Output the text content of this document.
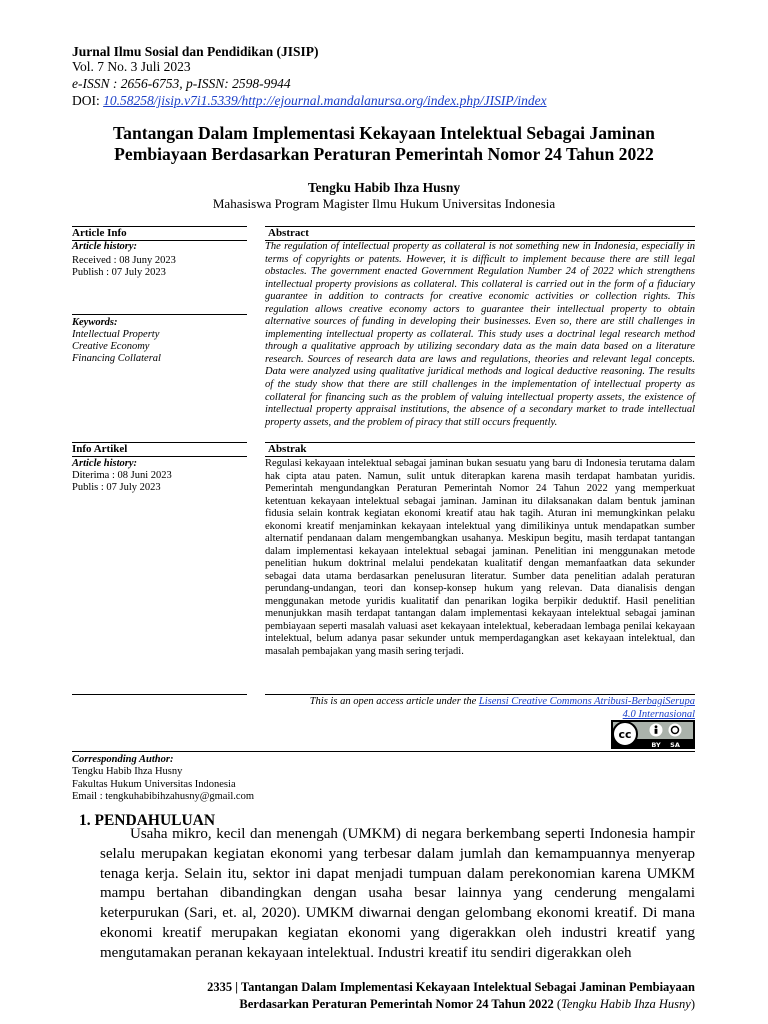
Jurnal Ilmu Sosial dan Pendidikan (JISIP)
Vol. 7 No. 3 Juli 2023
e-ISSN : 2656-6753, p-ISSN: 2598-9944
DOI: 10.58258/jisip.v7i1.5339/http://ejournal.mandalanursa.org/index.php/JISIP/index
Tantangan Dalam Implementasi Kekayaan Intelektual Sebagai Jaminan
Pembiayaan Berdasarkan Peraturan Pemerintah Nomor 24 Tahun 2022
Tengku Habib Ihza Husny
Mahasiswa Program Magister Ilmu Hukum Universitas Indonesia
Article Info	Abstract
Article history:
Received : 08 Juny 2023
Publish : 07 July 2023
Keywords:
Intellectual Property
Creative Economy
Financing Collateral
The regulation of intellectual property as collateral is not something new in Indonesia, especially in terms of copyrights or patents. However, it is difficult to implement because there are still legal obstacles. The government enacted Government Regulation Number 24 of 2022 which strengthens intellectual property provisions as collateral. This collateral is carried out in the form of a fiduciary guarantee in addition to contracts for creative economic activities or collection rights. This regulation allows creative economy actors to guarantee their intellectual property to obtain alternative sources of funding in developing their businesses. Even so, there are still challenges in implementing intellectual property as collateral. This study uses a doctrinal legal research method through a qualitative approach by utilizing secondary data as the main data based on a literature research. Sources of research data are laws and regulations, theories and relevant legal concepts. Data were analyzed using qualitative juridical methods and logical deductive reasoning. The results of the study show that there are still challenges in the implementation of intellectual property as collateral for financing such as the problem of valuing intellectual property assets, the existence of intellectual property appraisal institutions, the absence of a secondary market to trade intellectual property assets, and the problem of piracy that still occurs frequently.
Info Artikel	Abstrak
Article history:
Diterima : 08 Juni 2023
Publis : 07 July 2023
Regulasi kekayaan intelektual sebagai jaminan bukan sesuatu yang baru di Indonesia terutama dalam hak cipta atau paten. Namun, sulit untuk diterapkan karena masih terdapat hambatan yuridis. Pemerintah mengundangkan Peraturan Pemerintah Nomor 24 Tahun 2022 yang memperkuat ketentuan kekayaan intelektual sebagai jaminan. Jaminan itu dilaksanakan dalam bentuk jaminan fidusia selain kontrak kegiatan ekonomi kreatif atau hak tagih. Aturan ini memungkinkan pelaku ekonomi kreatif menjaminkan kekayaan intelektual yang dimilikinya untuk mendapatkan sumber alternatif pendanaan dalam mengembangkan usahanya. Meskipun begitu, masih terdapat tantangan dalam implementasi kekayaan intelektual sebagai jaminan. Penelitian ini menggunakan metode penelitian hukum doktrinal melalui pendekatan kualitatif dengan memanfaatkan data sekunder sebagai data utama berdasarkan penelusuran literatur. Sumber data penelitian adalah peraturan perundang-undangan, teori dan konsep-konsep hukum yang relevan. Data dianalisis dengan menggunakan metode yuridis kualitatif dan penarikan logika berpikir deduktif. Hasil penelitian menunjukkan masih terdapat tantangan dalam implementasi kekayaan intelektual sebagai jaminan pembiayaan seperti masalah valuasi aset kekayaan intelektual, keberadaan lembaga penilai kekayaan intelektual, belum adanya pasar sekunder untuk memperdagangkan aset kekayaan intelektual, dan masalah pembajakan yang masih sering terjadi.
This is an open access article under the Lisensi Creative Commons Atribusi-BerbagiSerupa
4.0 Internasional
cc
BY SA
Corresponding Author:
Tengku Habib Ihza Husny
Fakultas Hukum Universitas Indonesia
Email : tengkuhabibihzahusny@gmail.com
1. PENDAHULUAN
Usaha mikro, kecil dan menengah (UMKM) di negara berkembang seperti Indonesia hampir selalu merupakan kegiatan ekonomi yang terbesar dalam jumlah dan kemampuannya menyerap tenaga kerja. Selain itu, sektor ini dapat menjadi tumpuan dalam perekonomian karena UMKM mampu bertahan dibandingkan dengan usaha besar lainnya yang cenderung mengalami keterpurukan (Sari, et. al, 2020). UMKM diwarnai dengan gelombang ekonomi kreatif. Di mana ekonomi kreatif merupakan kegiatan ekonomi yang digerakkan oleh industri kreatif yang mengutamakan peranan kekayaan intelektual. Industri kreatif itu sendiri digerakkan oleh
2335 | Tantangan Dalam Implementasi Kekayaan Intelektual Sebagai Jaminan Pembiayaan
Berdasarkan Peraturan Pemerintah Nomor 24 Tahun 2022 (Tengku Habib Ihza Husny)
